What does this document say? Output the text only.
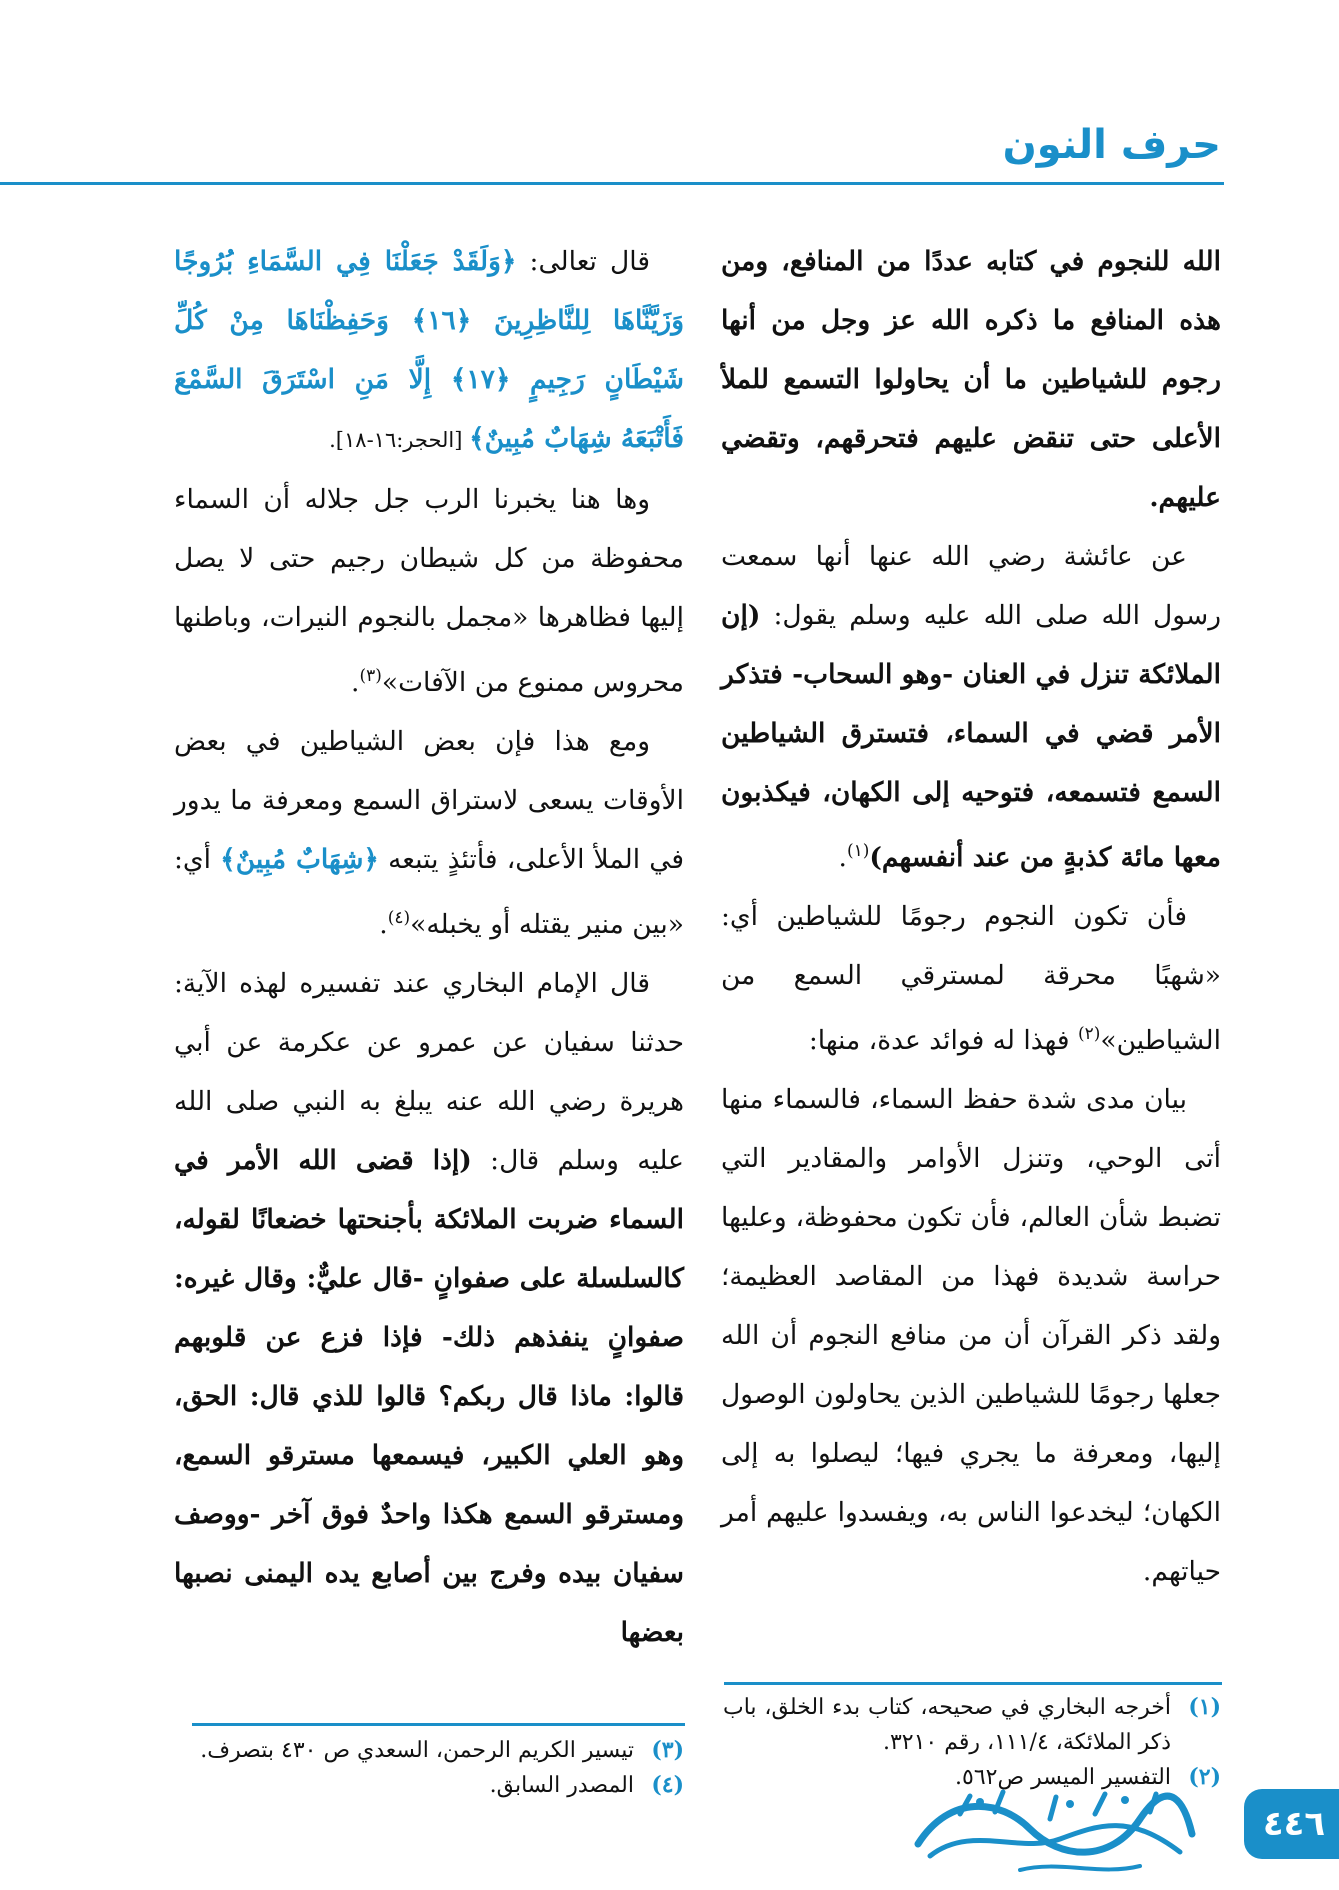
حرف النون

الله للنجوم في كتابه عددًا من المنافع، ومن هذه المنافع ما ذكره الله عز وجل من أنها رجوم للشياطين ما أن يحاولوا التسمع للملأ الأعلى حتى تنقض عليهم فتحرقهم، وتقضي عليهم.

عن عائشة رضي الله عنها أنها سمعت رسول الله صلى الله عليه وسلم يقول: (إن الملائكة تنزل في العنان -وهو السحاب- فتذكر الأمر قضي في السماء، فتسترق الشياطين السمع فتسمعه، فتوحيه إلى الكهان، فيكذبون معها مائة كذبةٍ من عند أنفسهم)$^{(١)}$.

فأن تكون النجوم رجومًا للشياطين أي: «شهبًا محرقة لمسترقي السمع من الشياطين»$^{(٢)}$ فهذا له فوائد عدة، منها:

بيان مدى شدة حفظ السماء، فالسماء منها أتى الوحي، وتنزل الأوامر والمقادير التي تضبط شأن العالم، فأن تكون محفوظة، وعليها حراسة شديدة فهذا من المقاصد العظيمة؛ ولقد ذكر القرآن أن من منافع النجوم أن الله جعلها رجومًا للشياطين الذين يحاولون الوصول إليها، ومعرفة ما يجري فيها؛ ليصلوا به إلى الكهان؛ ليخدعوا الناس به، ويفسدوا عليهم أمر حياتهم.

قال تعالى: ﴿وَلَقَدْ جَعَلْنَا فِي السَّمَاءِ بُرُوجًا وَزَيَّنَّاهَا لِلنَّاظِرِينَ ﴿١٦﴾ وَحَفِظْنَاهَا مِنْ كُلِّ شَيْطَانٍ رَجِيمٍ ﴿١٧﴾ إِلَّا مَنِ اسْتَرَقَ السَّمْعَ فَأَتْبَعَهُ شِهَابٌ مُبِينٌ﴾ [الحجر:١٦-١٨].

وها هنا يخبرنا الرب جل جلاله أن السماء محفوظة من كل شيطان رجيم حتى لا يصل إليها فظاهرها «مجمل بالنجوم النيرات، وباطنها محروس ممنوع من الآفات»$^{(٣)}$.

ومع هذا فإن بعض الشياطين في بعض الأوقات يسعى لاستراق السمع ومعرفة ما يدور في الملأ الأعلى، فأتئذٍ يتبعه ﴿شِهَابٌ مُبِينٌ﴾ أي: «بين منير يقتله أو يخبله»$^{(٤)}$.

قال الإمام البخاري عند تفسيره لهذه الآية: حدثنا سفيان عن عمرو عن عكرمة عن أبي هريرة رضي الله عنه يبلغ به النبي صلى الله عليه وسلم قال: (إذا قضى الله الأمر في السماء ضربت الملائكة بأجنحتها خضعانًا لقوله، كالسلسلة على صفوانٍ -قال عليٌّ: وقال غيره: صفوانٍ ينفذهم ذلك- فإذا فزع عن قلوبهم قالوا: ماذا قال ربكم؟ قالوا للذي قال: الحق، وهو العلي الكبير، فيسمعها مسترقو السمع، ومسترقو السمع هكذا واحدٌ فوق آخر -ووصف سفيان بيده وفرج بين أصابع يده اليمنى نصبها بعضها

(١)
أخرجه البخاري في صحيحه، كتاب بدء الخلق، باب ذكر الملائكة، ١١١/٤، رقم ٣٢١٠.

(٢)
التفسير الميسر ص٥٦٢.

(٣)
تيسير الكريم الرحمن، السعدي ص ٤٣٠ بتصرف.

(٤)
المصدر السابق.

٤٤٦
